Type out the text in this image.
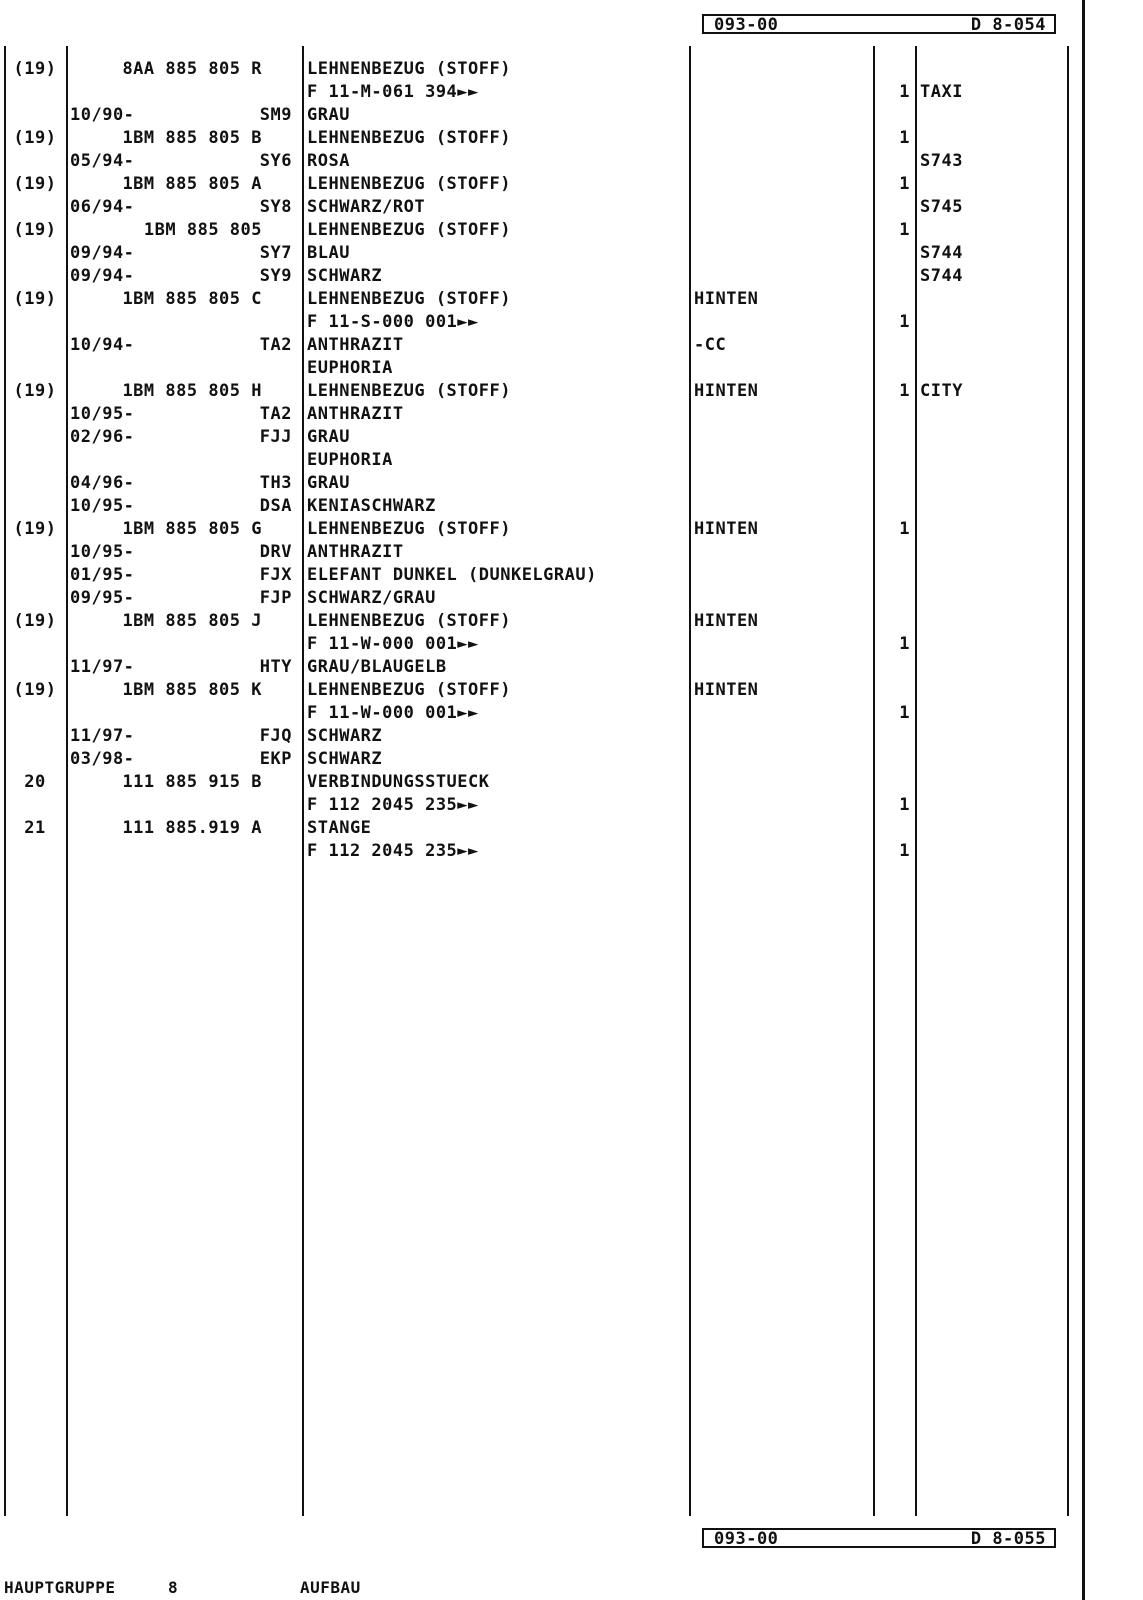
093-00	D 8-054
(19)	8AA 885 805 R	LEHNENBEZUG (STOFF)
F 11-M-061 394►►	1 TAXI
10/90-	SM9 GRAU
(19)	1BM 885 805 B	LEHNENBEZUG (STOFF)	1
05/94-	SY6 ROSA	S743
(19)	1BM 885 805 A	LEHNENBEZUG (STOFF)	1
06/94-	SY8 SCHWARZ/ROT	S745
(19)	1BM 885 805	LEHNENBEZUG (STOFF)	1
09/94-	SY7 BLAU	S744
09/94-	SY9 SCHWARZ	S744
(19)	1BM 885 805 C	LEHNENBEZUG (STOFF)	HINTEN
F 11-S-000 001►►	1
10/94-	TA2 ANTHRAZIT	-CC
EUPHORIA
(19)	1BM 885 805 H	LEHNENBEZUG (STOFF)	HINTEN	1 CITY
10/95-	TA2 ANTHRAZIT
02/96-	FJJ GRAU
EUPHORIA
04/96-	TH3 GRAU
10/95-	DSA KENIASCHWARZ
(19)	1BM 885 805 G	LEHNENBEZUG (STOFF)	HINTEN	1
10/95-	DRV ANTHRAZIT
01/95-	FJX ELEFANT DUNKEL (DUNKELGRAU)
09/95-	FJP SCHWARZ/GRAU
(19)	1BM 885 805 J	LEHNENBEZUG (STOFF)	HINTEN
F 11-W-000 001►►	1
11/97-	HTY GRAU/BLAUGELB
(19)	1BM 885 805 K	LEHNENBEZUG (STOFF)	HINTEN
F 11-W-000 001►►	1
11/97-	FJQ SCHWARZ
03/98-	EKP SCHWARZ
20	111 885 915 B	VERBINDUNGSSTUECK
F 112 2045 235►►	1
21	111 885.919 A	STANGE
F 112 2045 235►►	1
093-00	D 8-055
HAUPTGRUPPE	8	AUFBAU
